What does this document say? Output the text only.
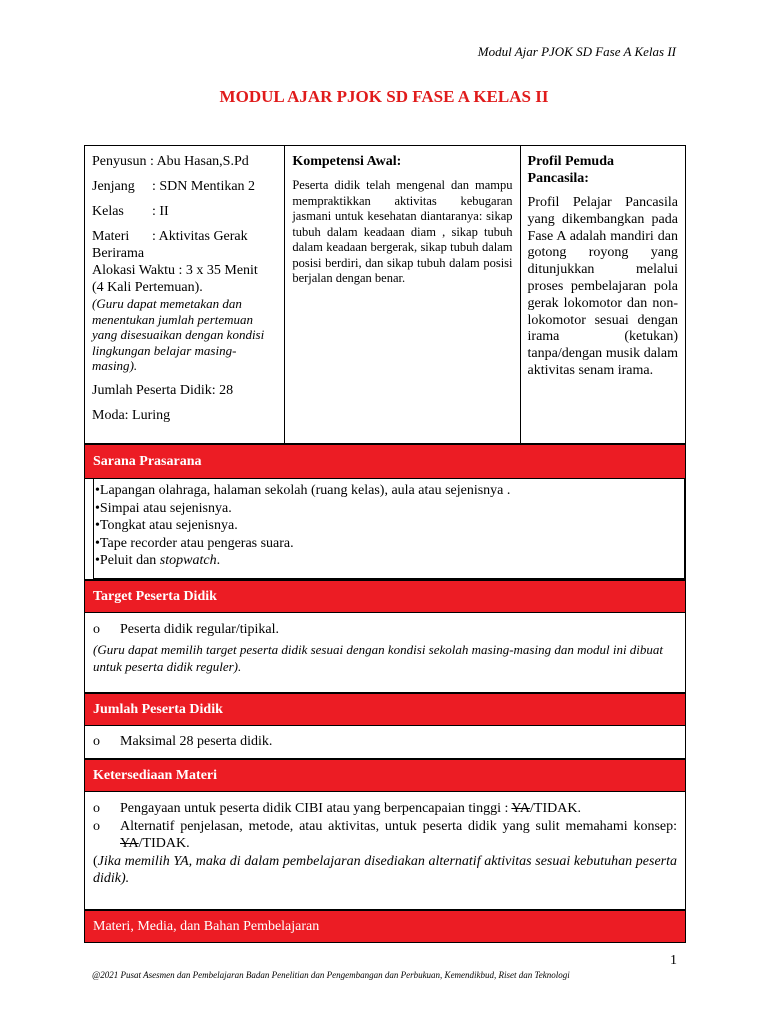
Modul Ajar PJOK SD Fase A Kelas II
MODUL AJAR PJOK SD FASE A KELAS II

Penyusun : Abu Hasan,S.Pd

Jenjang	: SDN Mentikan 2

Kelas	: II

Materi	: Aktivitas Gerak

Berirama

Alokasi Waktu : 3 x 35 Menit

(4 Kali Pertemuan).

(Guru dapat memetakan dan menentukan jumlah pertemuan yang disesuaikan dengan kondisi lingkungan belajar masing-masing).

Jumlah Peserta Didik: 28

Moda: Luring

Kompetensi Awal:
Peserta didik telah mengenal dan mampu mempraktikkan aktivitas kebugaran jasmani untuk kesehatan diantaranya: sikap tubuh dalam keadaan diam , sikap tubuh dalam keadaan bergerak, sikap tubuh dalam posisi berdiri, dan sikap tubuh dalam posisi berjalan dengan benar.
Profil Pemuda Pancasila:
Profil Pelajar Pancasila yang dikembangkan pada Fase A adalah mandiri dan gotong royong yang ditunjukkan melalui proses pembelajaran pola gerak lokomotor dan non-lokomotor sesuai dengan irama (ketukan) tanpa/dengan musik dalam aktivitas senam irama.
Sarana Prasarana
• Lapangan olahraga, halaman sekolah (ruang kelas), aula atau sejenisnya .
• Simpai atau sejenisnya.
• Tongkat atau sejenisnya.
• Tape recorder atau pengeras suara.
• Peluit dan stopwatch.
Target Peserta Didik
o	Peserta didik regular/tipikal.
(Guru dapat memilih target peserta didik sesuai dengan kondisi sekolah masing-masing dan modul ini dibuat untuk peserta didik reguler).
Jumlah Peserta Didik
o	Maksimal 28 peserta didik.
Ketersediaan Materi
o	Pengayaan untuk peserta didik CIBI atau yang berpencapaian tinggi : YA/TIDAK.
o	Alternatif penjelasan, metode, atau aktivitas, untuk peserta didik yang sulit memahami konsep: YA/TIDAK.
(Jika memilih YA, maka di dalam pembelajaran disediakan alternatif aktivitas sesuai kebutuhan peserta didik).
Materi, Media, dan Bahan Pembelajaran
1
@2021 Pusat Asesmen dan Pembelajaran Badan Penelitian dan Pengembangan dan Perbukuan, Kemendikbud, Riset dan Teknologi
